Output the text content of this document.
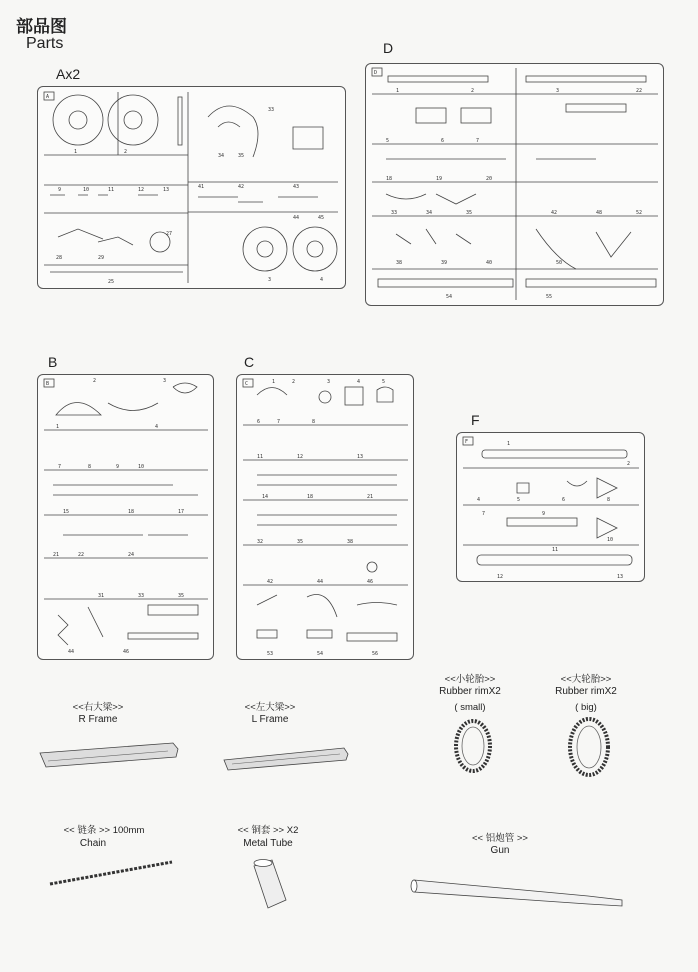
部品图
Parts
Ax2
D
B	C
F
A
1	2
3	4
9	10	11	12	13	41	42	43
28	29
27
25
44	45
33
34	35
D
1	2	3	22
5	6	7
18	19	20
33	34	35
38	39	40
42	48	52
50
54	55
B	2	3
1	4
7	8	9	10
15	18	17
21	22	24
31	33	35
44	46
C	1	2	3	4	5
6	7	8
11	12	13
14	18	21
32	35	38
42	44	46
53	54	56
F	1
2
4	5	6	8
7	9
10
11
12	13
<<右大梁>>
R Frame
<<左大梁>>
L Frame
<<小轮胎>>
Rubber rimX2
( small)
<<大轮胎>>
Rubber rimX2
( big)
<< 链条 >> 100mm
Chain
<< 铜套 >> X2
Metal Tube	<< 铝炮管 >>
Gun
